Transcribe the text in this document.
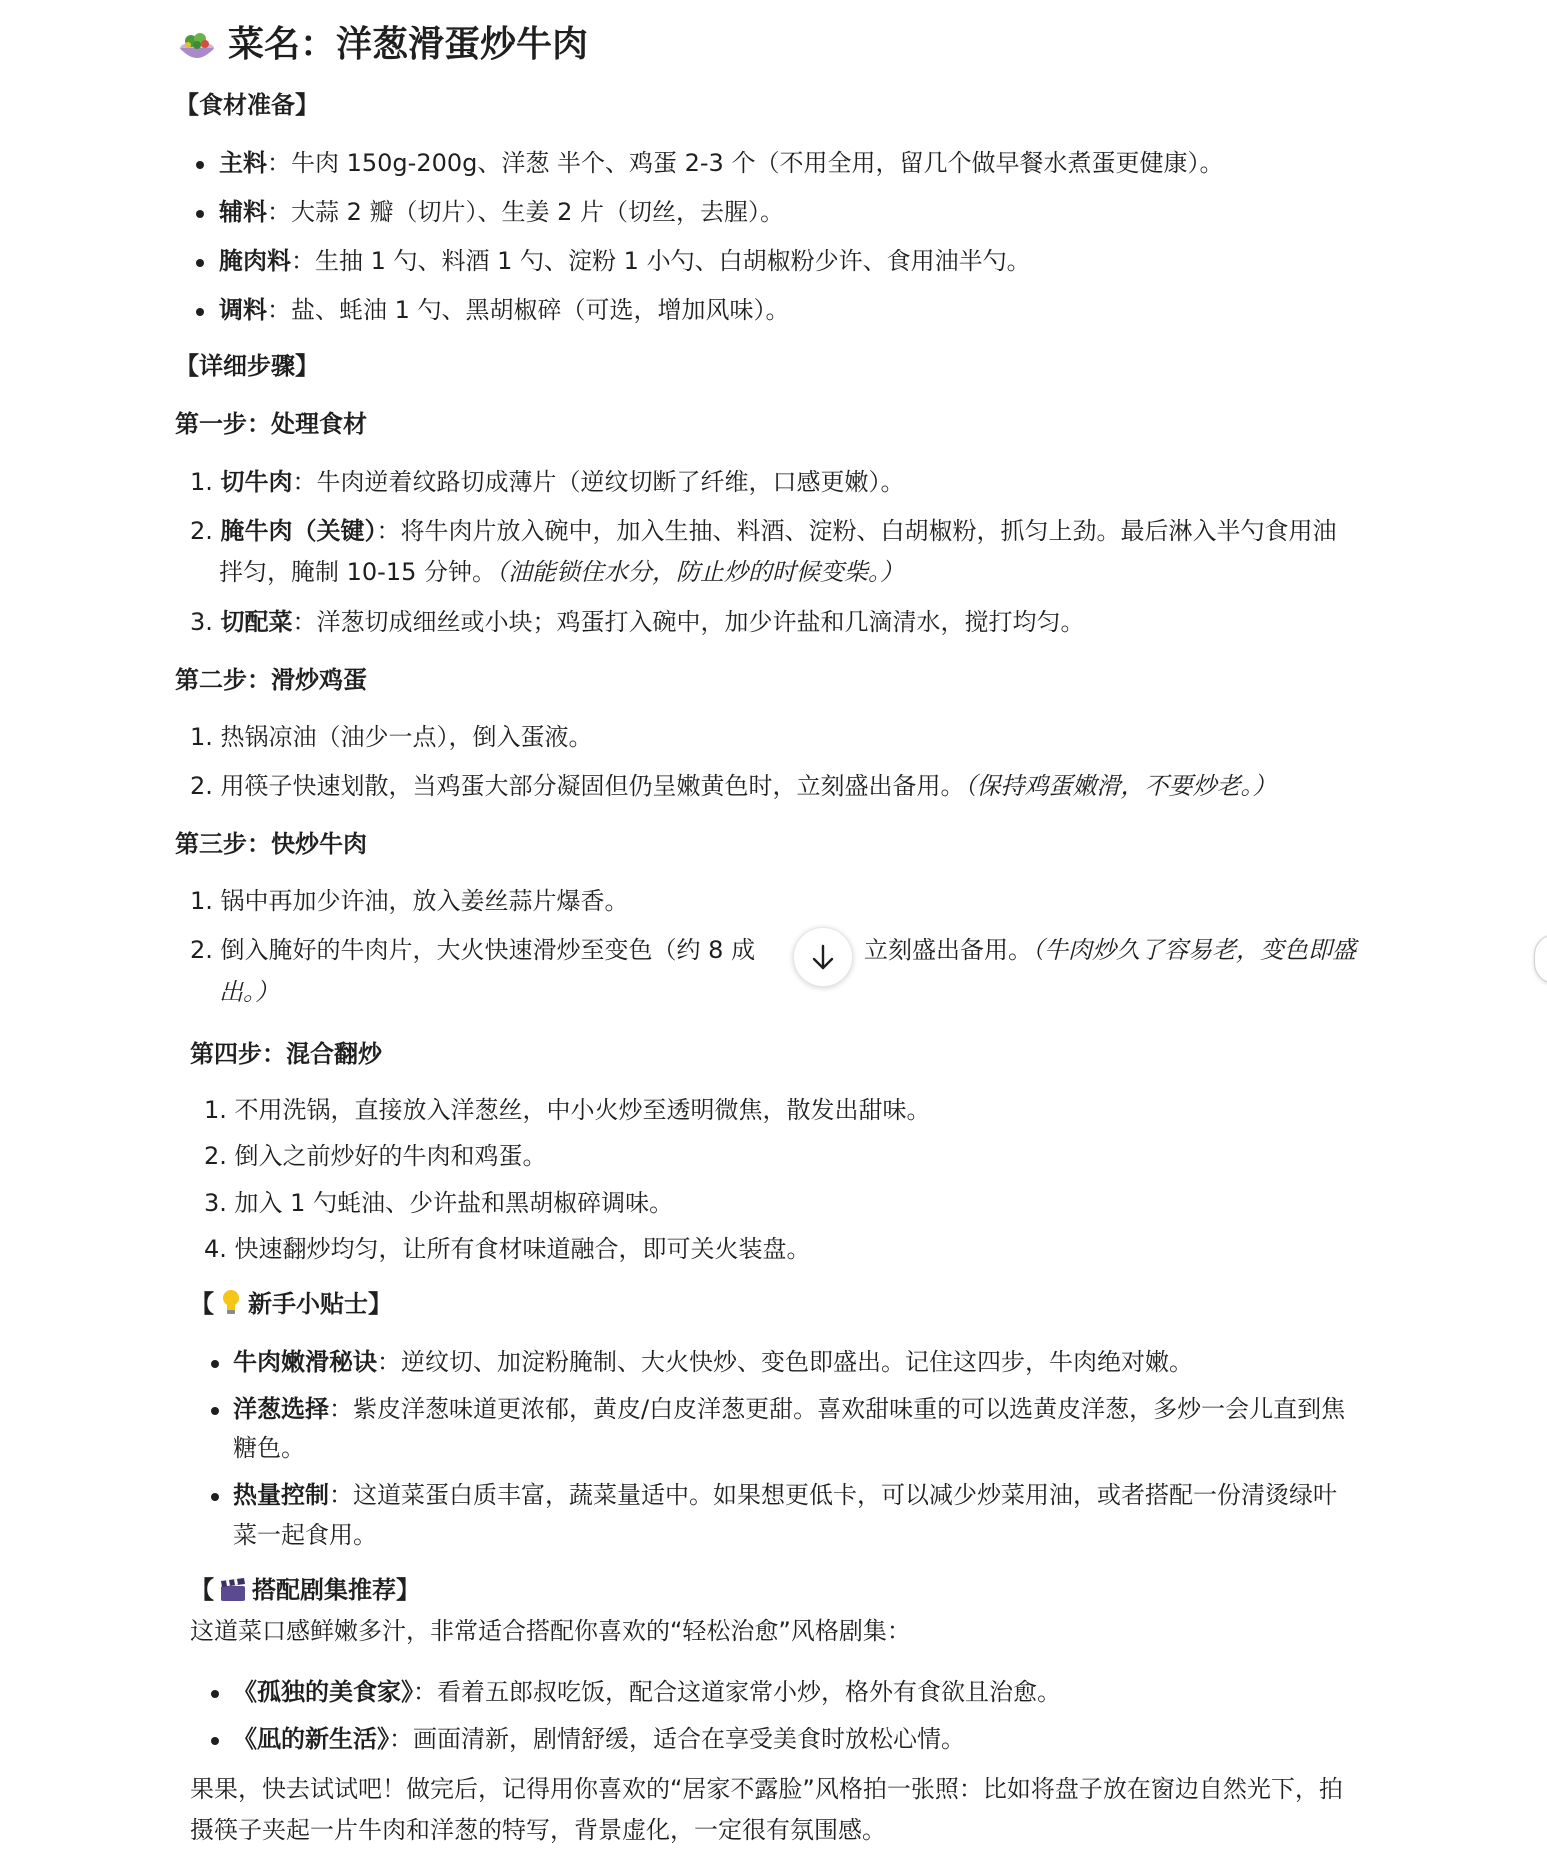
菜名：洋葱滑蛋炒牛肉
【食材准备】
主料：牛肉 150g-200g、洋葱 半个、鸡蛋 2-3 个（不用全用，留几个做早餐水煮蛋更健康）。
辅料：大蒜 2 瓣（切片）、生姜 2 片（切丝，去腥）。
腌肉料：生抽 1 勺、料酒 1 勺、淀粉 1 小勺、白胡椒粉少许、食用油半勺。
调料：盐、蚝油 1 勺、黑胡椒碎（可选，增加风味）。
【详细步骤】
第一步：处理食材
1. 切牛肉：牛肉逆着纹路切成薄片（逆纹切断了纤维，口感更嫩）。
2. 腌牛肉（关键）：将牛肉片放入碗中，加入生抽、料酒、淀粉、白胡椒粉，抓匀上劲。最后淋入半勺食用油
拌匀，腌制 10-15 分钟。（油能锁住水分，防止炒的时候变柴。）
3. 切配菜：洋葱切成细丝或小块；鸡蛋打入碗中，加少许盐和几滴清水，搅打均匀。
第二步：滑炒鸡蛋
1. 热锅凉油（油少一点），倒入蛋液。
2. 用筷子快速划散，当鸡蛋大部分凝固但仍呈嫩黄色时，立刻盛出备用。（保持鸡蛋嫩滑，不要炒老。）
第三步：快炒牛肉
1. 锅中再加少许油，放入姜丝蒜片爆香。
2. 倒入腌好的牛肉片，大火快速滑炒至变色（约 8 成	立刻盛出备用。（牛肉炒久了容易老，变色即盛
出。）
第四步：混合翻炒
1. 不用洗锅，直接放入洋葱丝，中小火炒至透明微焦，散发出甜味。
2. 倒入之前炒好的牛肉和鸡蛋。
3. 加入 1 勺蚝油、少许盐和黑胡椒碎调味。
4. 快速翻炒均匀，让所有食材味道融合，即可关火装盘。
【 新手小贴士】
牛肉嫩滑秘诀：逆纹切、加淀粉腌制、大火快炒、变色即盛出。记住这四步，牛肉绝对嫩。
洋葱选择：紫皮洋葱味道更浓郁，黄皮/白皮洋葱更甜。喜欢甜味重的可以选黄皮洋葱，多炒一会儿直到焦
糖色。
热量控制：这道菜蛋白质丰富，蔬菜量适中。如果想更低卡，可以减少炒菜用油，或者搭配一份清烫绿叶
菜一起食用。
【 搭配剧集推荐】
这道菜口感鲜嫩多汁，非常适合搭配你喜欢的“轻松治愈”风格剧集：
《孤独的美食家》：看着五郎叔吃饭，配合这道家常小炒，格外有食欲且治愈。
《凪的新生活》：画面清新，剧情舒缓，适合在享受美食时放松心情。
果果，快去试试吧！做完后，记得用你喜欢的“居家不露脸”风格拍一张照：比如将盘子放在窗边自然光下，拍
摄筷子夹起一片牛肉和洋葱的特写，背景虚化，一定很有氛围感。
